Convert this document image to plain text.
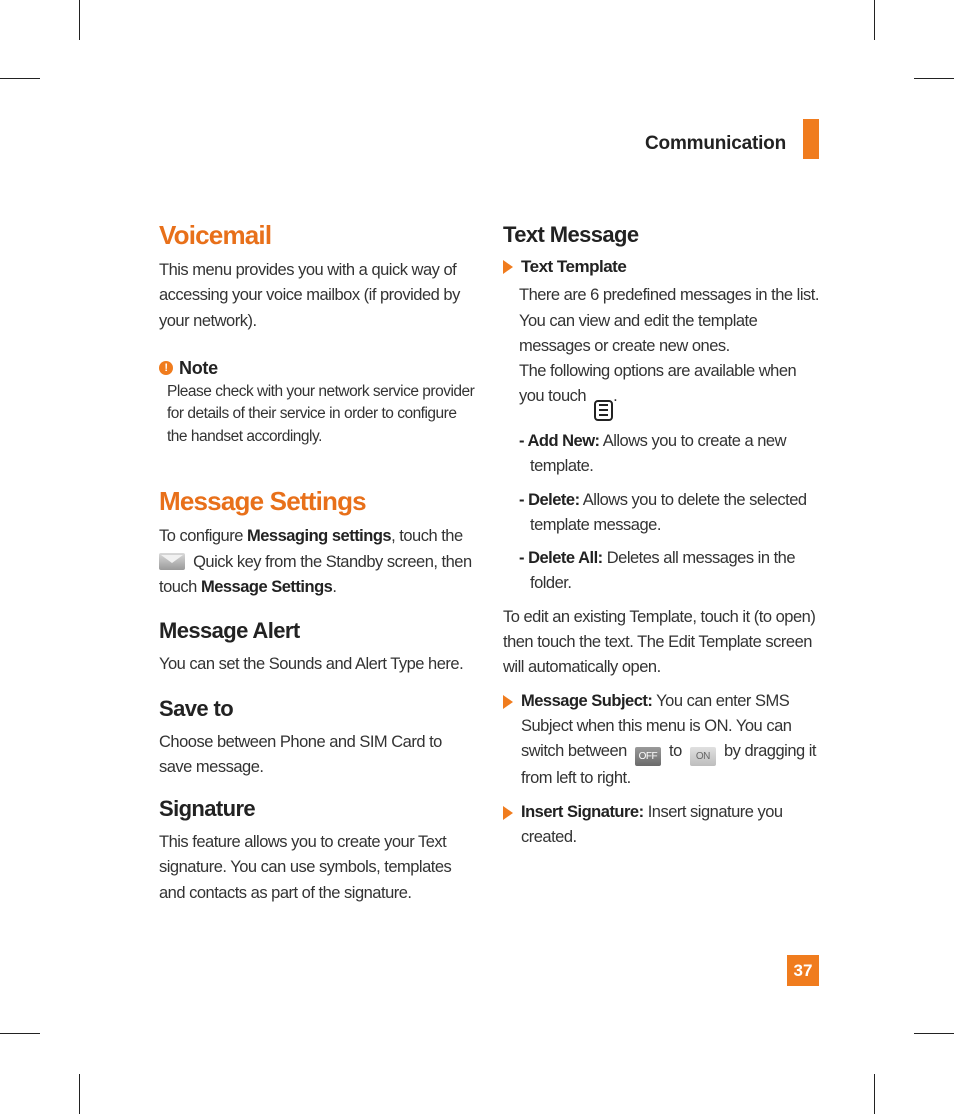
Communication
Voicemail

This menu provides you with a quick way of accessing your voice mailbox (if provided by your network).

! Note

Please check with your network service provider for details of their service in order to configure the handset accordingly.

Message Settings

To configure Messaging settings, touch the
Quick key from the Standby screen, then touch Message Settings.

Message Alert

You can set the Sounds and Alert Type here.

Save to

Choose between Phone and SIM Card to save message.

Signature

This feature allows you to create your Text signature. You can use symbols, templates and contacts as part of the signature.

Text Message
Text Template

There are 6 predefined messages in the list. You can view and edit the template messages or create new ones.

The following options are available when you touch
.

- Add New: Allows you to create a new template.

- Delete: Allows you to delete the selected template message.

- Delete All: Deletes all messages in the folder.

To edit an existing Template, touch it (to open) then touch the text. The Edit Template screen will automatically open.

Message Subject: You can enter SMS Subject when this menu is ON. You can switch between OFF to ON by dragging it from left to right.

Insert Signature: Insert signature you created.

37
